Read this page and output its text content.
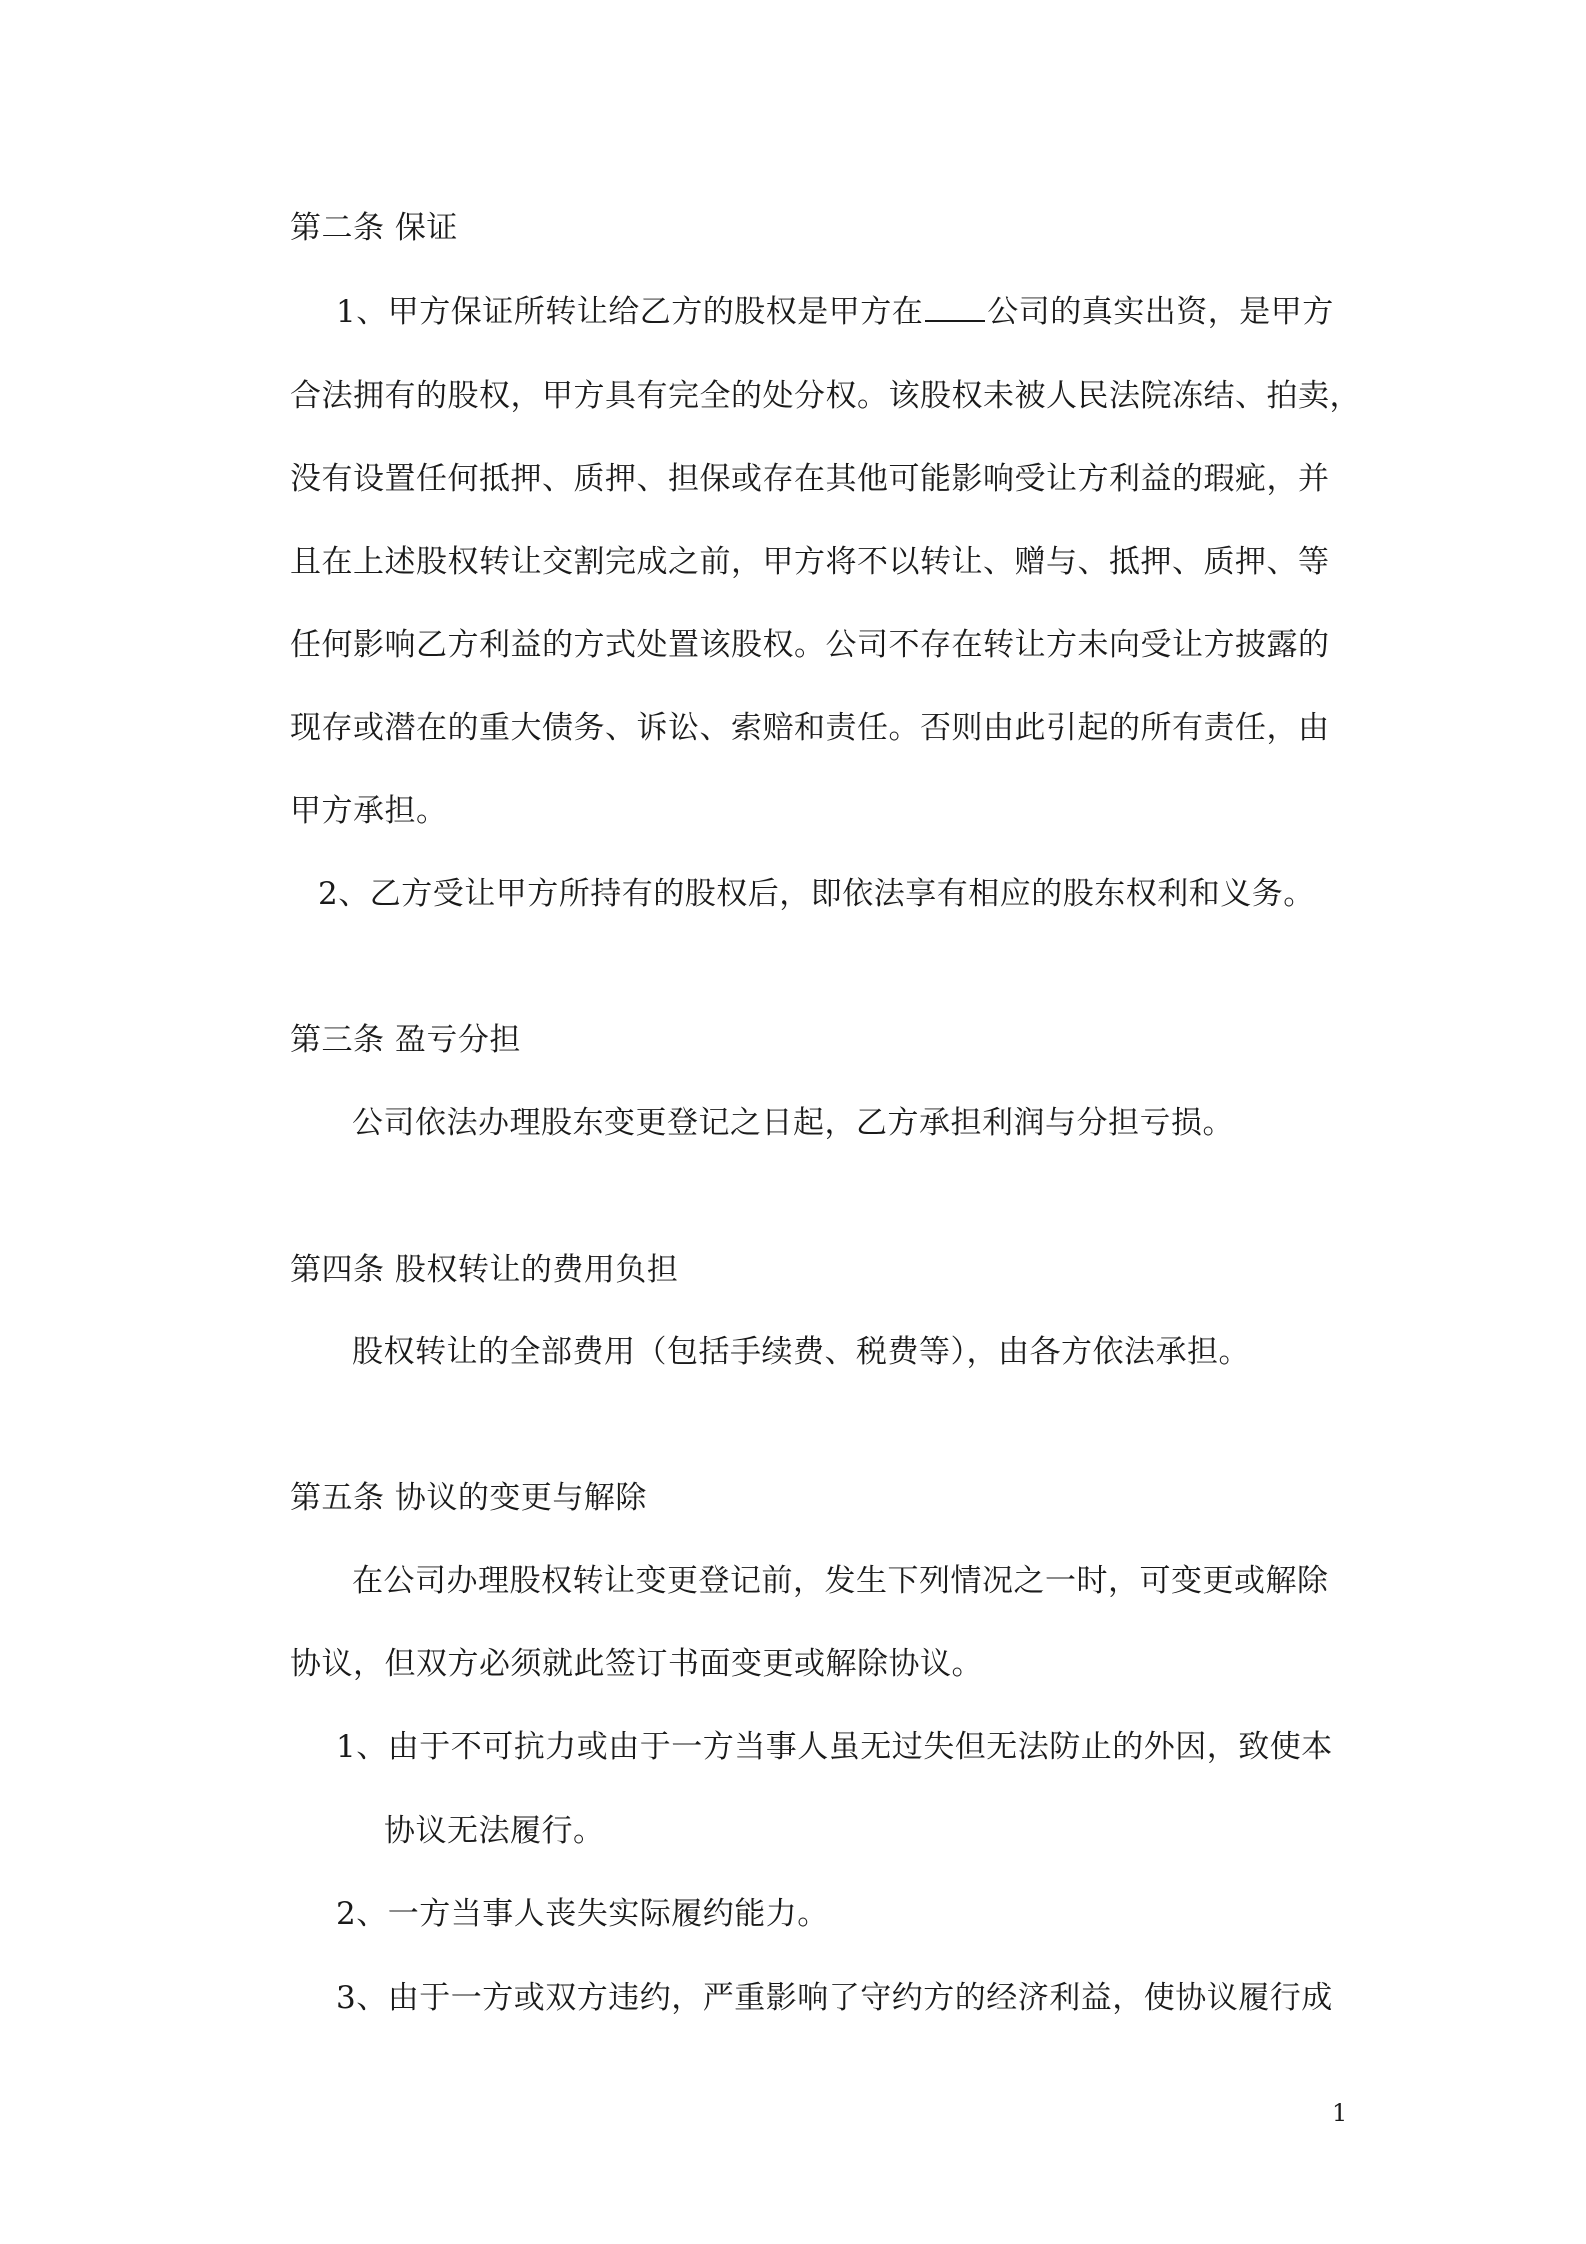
第二条 保证
1、甲方保证所转让给乙方的股权是甲方在 公司的真实出资，是甲方
合法拥有的股权，甲方具有完全的处分权。该股权未被人民法院冻结、拍卖，
没有设置任何抵押、质押、担保或存在其他可能影响受让方利益的瑕疵，并
且在上述股权转让交割完成之前，甲方将不以转让、赠与、抵押、质押、等
任何影响乙方利益的方式处置该股权。公司不存在转让方未向受让方披露的
现存或潜在的重大债务、诉讼、索赔和责任。否则由此引起的所有责任，由
甲方承担。
2、乙方受让甲方所持有的股权后，即依法享有相应的股东权利和义务。
第三条 盈亏分担
公司依法办理股东变更登记之日起，乙方承担利润与分担亏损。
第四条 股权转让的费用负担
股权转让的全部费用（包括手续费、税费等），由各方依法承担。
第五条 协议的变更与解除
在公司办理股权转让变更登记前，发生下列情况之一时，可变更或解除
协议，但双方必须就此签订书面变更或解除协议。
1、由于不可抗力或由于一方当事人虽无过失但无法防止的外因，致使本
协议无法履行。
2、一方当事人丧失实际履约能力。
3、由于一方或双方违约，严重影响了守约方的经济利益，使协议履行成
1
